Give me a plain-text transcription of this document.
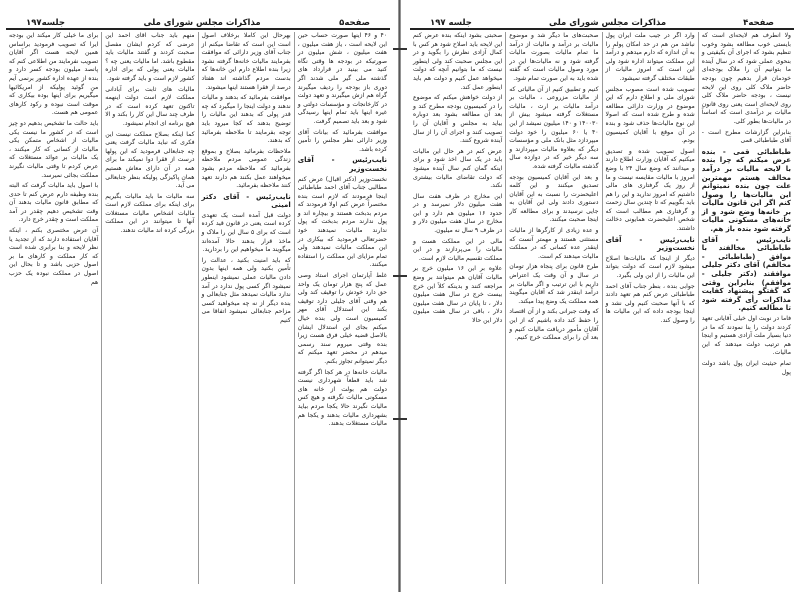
صفحه۵
مذاکرات مجلس شورای ملی
جلسه۱۹۷

۴۰ و ۴۶ اینها صورت حساب حین این لایحه است ، یاز هفت میلیون ، هفت میلیون ، شش میلیون در صورتیکه در بودجه ها وقتی نگاه کنید می بینید در قرارداد های گذشته ملی گیر ملی شدند اگر دوری باز بودجه را ردیف میگیرند گراه هم ازش میگیرند و تعهد دولت در کارخانجات و مؤسسات دولتی و غیره اینها باید تمام اینها رسیدگی شود و بعد باید تصمیم گرفت.

موافقت بفرمائید که بیانات آقای وزیر دارائی نظر مجلس را تأمین کرده باشد.

نایب‌رئیس - آقای نخست‌وزیر

نخست‌وزیر (دکتر اقبال) عرض کنم مطالبی جناب آقای احمد طباطبائی اینجا فرمودند که لازم است بنده مختصراً عرض کنم اولا فرمودند که مردم بدبخت هستند و بیچاره اند و پول ندارند مردم بدبخت که پول ندارند مالیات نمیدهند خود حضرتعالی فرمودید که بیکاری در این مملکت مالیات نمیدهند ولی تمام مزایای این مملکت را استفاده میکنند.

غلط آپارتمان اجرای استاد وصی عمل که پنج هزار تومان یک واحد حق دارد خودش را توقیف کند ولی هم وقتی آقای جلیلی دارد توقیف بکند این استدلال آقای مهر کمیسیون است ولی بنده خیال میکنم بجای این استدلال ایشان بالاصل قضیه خیلی فرق هست زیرا بنده وقتی میروم سند رسمی میدهم در محضر تعهد میکنم که دیگر نمیتوانم تجاوز بکنم.

مالیات خانه‌ها در هر کجا اگر گرفته شد باید قطعاً شهرداری نیست دولت هم بولت از خانه های مسکونی مالیات نگرفته و هیچ کس مالیات نگیرند حالا یکجا مردم بیاید بشهرداری مالیات بدهند و یکجا هم مالیات مستغلات بدهند.

بهرحال این کاملا برخلاف اصول است این است که تقاضا میکنم از جناب آقای وزیر دارائی که موافقت بفرمایند مالیات خانه‌ها گرفته نشود زیرا بنده اطلاع دارم این خانه‌ها که بدست مردم گذاشته اند هفتاد درصد از فقرا هستند اینها میشوند.

موافقت بفرمائید که بدهند و مالیات ندهند و دولت اینجا را میگیرد که چه قدر پولی که بدهند این مالیات را توضیح بدهند که کجا میرود باید توجه بفرمایند تا ملاحظه بفرمائید که بدهند.

ملاحظات بفرمائید بصلاح و بموقع زندگی عمومی مردم ملاحظه بفرمائید که ملاحظه مردم بشود میخواهند عمل بکنند هم دارند تعهد کنند ملاحظه بفرمائید.

نایب‌رئیس - آقای دکتر امینی

دولت قبل آمده است یک تعهدی کرده است یعنی در قانون قید کرده است که برای ۵ سال این را ملاک و ماخذ قرار بدهند حالا آمده‌اند میگویند ما میخواهیم این را بردارید.

که باید امنیت بکنید ، عدالت را تأمین بکنید ولی همه اینها بدون دادن مالیات عملی نمیشود اینطور نمیشود اگر کسی پول ندارد در آمد ندارد مالیات نمیدهد مثل جنابعالی و بنده دیگر از نه چه میخواهید کسی مزاحم جنابعالی نمیشود اتفاقا می کنیم

منهم باید جناب آقای احمد این عرضی که کردم ایشان مفصل صحبت کردند و گفتند مالیات باید مقطوع باشد. اما مالیات یعنی چه ؟ مالیات یعنی پولی که برای اداره کشور لازم است و باید گرفته شود.

مالیات های ثابت برای آبادانی مملکت لازم است دولت اینهمه تاکنون تعهد کرده است که در ظرف چند سال این کار را بکند و الا هیچ برنامه ای انجام نمیشود.

کما اینکه بصلاح مملکت نیست این فکری که نباید مالیات گرفت یعنی چه جنابعالی فرمودید که این پولها درست از فقرا دوا نمیکند ما برای همه در آن دارای معاش هستیم همان پاکیزگی پولیکه بنظر جنابعالی می آید.

سه مالیات ما باید مالیات بگیریم برای اینکه برای مملکت لازم است مالیات اشخاص مالیات مستغلات آنها تا میتوانند در این مملکت بزرگی کرده اند مالیات ندهند.

برای ما خیلی کار میکند این بودجه ایرا که تصویب فرمودید براساس همین لایحه هست اگر آقایان تصویب نفرمایند من اطلاعی کنم که پانصد میلیون بودجه کسر دارد و بنده از عهده اداره کشور برنمی آیم من گوئید پولیکه از امریکائیها میگیریم برای اینها بوده بیکاری که موقت است نبوده و رکود کارهای عمومی هم هست.

باید حالت ما تشخیص بدهیم دو چیز است که در کشور ما نیست یکی مالیات از اشخاص متمکن یکی مالیات از کسانی که کار میکنند ، یک مالیات بر عوائد مستغلات که عرض کردم تا وقتی مالیات نگیرند مملکت بجائی نمیرسد.

با اصول باید مالیات گرفت که البته بنده وظیفه دارم عرض کنم تا حدی که مطابق قانون مالیات بدهند آن وقت تشخیص دهیم چقدر در آمد مملکت است و چقدر خرج دارد.

آن عرض مختصری بکنم ، اینکه آقایان استفاده دارند که از تجدید یا نظر لایحه و بنا برابری شده است که کار مملکت و کارهای ما بر اصول حزبی باشد و تا بحال این اصول در مملکت نبوده یک حزب هم

صفحه۴
مذاکرات مجلس شورای ملی
جلسه ۱۹۷

ولا آنطرف هم لایحه‌ای است که بایستی خوب مطالعه بشود وخوب تنظیم بشود که اجرای آن بکیفیتی و بنحوی عملی شود که در سال آینده ما بتوانیم آن را ملاک بودجه‌ای خودمان قرار بدهیم چون بودجه حاضر ملاک کلی روی این لایحه نیست ، بودجه حاضر ملاک کلی روی لایحه‌ای است یعنی روی قانون مالیات بر درآمدی است که اساساً در مالیات‌ها بطور کلی.

بنابراین گزارشات مطرح است - آقای طباطبائی قمی

طباطبائی قمی - بنده عرض میکنم که چرا بنده با لایحه مالیات بر درآمد مخالف هستم مهمترین علت چون بنده نمیتوانم این مالیات‌ها را وصول کنم اگر این قانون مالیات بر خانه‌ها وضع شود و از خانه‌های مسکونی مالیات گرفته شود بنده باز هم.

نایب‌رئیس - آقای طباطبائی مخالفند با موافق (طباطبائی - مخالفم) آقای دکتر جلیلی موافقند (دکتر جلیلی - موافقم) بنابراین وقتی که گفتگو پیشنهاد کفایت مذاکرات رأی گرفته شود تا مطالعه کنیم.

فاما در نوبت اول خیلی آقایانی تعهد کردند دولت را بنا نمودند که ما در دنیا بسیار ملت آزادی هستیم و اینجا هم ترتیب دولت میدهند که این مالیات.

تمام حیثیت ایران پول باشد دولت پول

وارد اگر در جیب ملت ایران پول نباشد من هم در حد امکان پولم را به آن اندازه که دارم میدهم و درآمد این مملکت میتواند اداره شود ولی این است که امروز مالیات از طبقات مختلف گرفته نمیشود.

تصویب شده است مصوب مجلس شورای ملی و اطلاع دارم که این موضوع در وزارت دارائی مطالعه شده و طرح شده است که اصولا این نوع مالیات‌ها حذف شود و بنده در آن موقع با آقایان کمیسیون بودم.

اصول تصویب شده و تصدیق میکنیم که آقایان وزارت اطلاع دارند و میدانند که وضع سال ۲۴ با وضع امروز با مالیات مقایسه نیست و ما از روز یک گرفتاری های مالی داشتیم که امروز ندارید و این را هم باید بگوییم که تا چندین سال زحمت و گرفتاری هم مطالب است که شخص اعلیحضرت همایونی دخالت داشتند.

نایب‌رئیس - آقای نخست‌وزیر

دیگر از اینجا که مالیات‌ها اصلاح میشود لازم است که دولت بتواند این مالیات را از این ولی بگیرد.

جوابی بنده ، بنظر جناب آقای احمد طباطبائی عرض کنم هم تعهد دادند که با آنها صحبت کنیم ولی نشد و اینجا بودجه داده که این مالیات ها را وصول کند.

صحبت‌های ما دیگر شد و موضوع مالیات بر درآمد و مالیات از درآمد ما تمام مالیات بصورت مالیات گرفته شود و نه مالیات‌ها این در مورد وصول مالیات است که گفته شده باید به این صورت تمام شود.

کنیم و تطبیق کنیم از آن مالیاتی که از مالیات مزروعی ، مالیات بر درآمد مالیات بر ارث ، مالیات مستغلات گرفته میشود بیش از ۱۴۰۰۳۰ و ۱۴۰ میلیون نمیشد از این ۴۰ یا ۶۰ میلیون را خود دولت میپردازد مثل بانک ملی و مؤسسات دیگر که بعلاوه مالیات میپردازند و سه دیگر خیر که در دوازده سال گذشته مالیات گرفته شده.

و بعد این آقایان کمیسیون بودجه تصدیق میکنند و این کلمه اعلیحضرت را نسبت به این آقایان دستوری دادند ولی این آقایان به جایی نرسیدند و برای مطالعه کار اینجا صحبت میکنند.

و عده زیادی از کارگرها از مالیات مستثنی هستند و مهمتر آنست که اینقدر عده کسانی که در مملکت مالیات میدهند کم است.

طرح قانون برای پنجاه هزار تومان در سال و آن وقت یک اعتراض داریم با این ترتیب و اگر مالیات بر درآمد اینقدر شد که آقایان میگویند همه مملکت یک وضع پیدا میکند.

که وقت جبرانی بکند و از آن اقتصاد را حفظ کند داده باشیم که از این آقایان مأمور دریافت مالیات کنیم و بعد آن را برای مملکت خرج کنیم.

صحبتی بشود اینکه بنده عرض کنم این لایحه باید اصلاح شود هر کس با کمال آزادی نظرش را بگوید و در این مجلس صحبت کند ولی اینطور نیست که ما بتوانیم آنچه که دولت میخواهد عمل کنیم و دولت هم باید اینطور عمل کند.

از دولت خواهش میکنم که موضوع را در کمیسیون بودجه مطرح کند و بعد آن مطالعه بشود بعد دوباره بیاید به مجلس و آقایان آن را تصویب کنند و اجرای آن را از سال آینده شروع کنند.

عرض کنم در هر حال این مالیات باید در یک سال اخذ شود و برای اینکه گمان کنم سال آینده میشود که دولت تقاضای مالیات بیشتری نکند.

این مخارج در ظرف هفت سال هفت میلیون دلار نمیرسد و در حدود ۱۶ میلیون هم دارد و این مخارج در سال هفت میلیون دلار و در ظرف ۹ سال نه میلیون.

مالی در این مملکت هست و مالیات را می‌پردازند و در این مملکت تقسیم مالیات لازم است.

علاوه بر این ۱۶ میلیون خرج بر مالیات آقایان هم میتوانند بر وضع مراجعه کنند و بدینکه کلاً این خرج بیست خرج در سال هفت میلیون دلار ، تا پایان در سال هفت میلیون دلار ، باقی در سال هفت میلیون دلار این حالا
